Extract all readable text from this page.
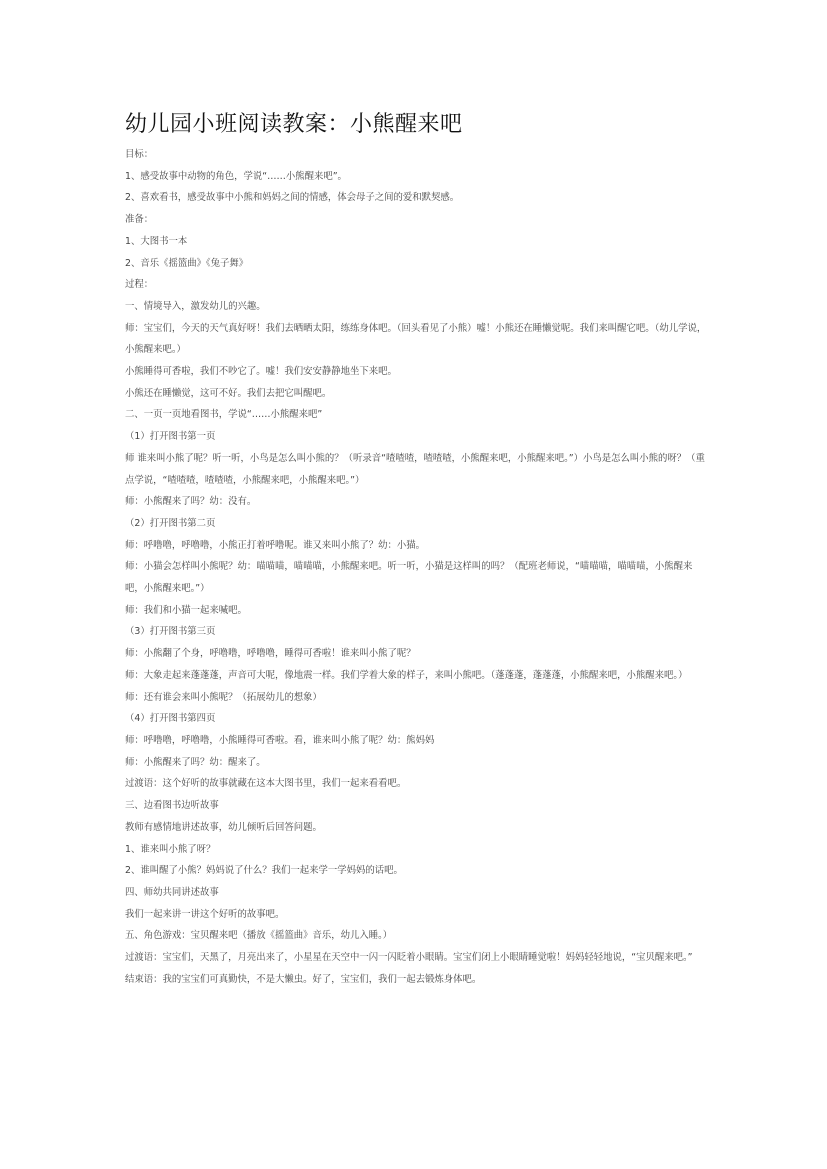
幼儿园小班阅读教案：小熊醒来吧

目标：

1、感受故事中动物的角色，学说“……小熊醒来吧”。

2、喜欢看书，感受故事中小熊和妈妈之间的情感，体会母子之间的爱和默契感。

准备：

1、大图书一本

2、音乐《摇篮曲》《兔子舞》

过程：

一、情境导入，激发幼儿的兴趣。

师：宝宝们，今天的天气真好呀！我们去晒晒太阳，练练身体吧。（回头看见了小熊）嘘！小熊还在睡懒觉呢。我们来叫醒它吧。（幼儿学说，小熊醒来吧。）

小熊睡得可香啦，我们不吵它了。嘘！我们安安静静地坐下来吧。

小熊还在睡懒觉，这可不好。我们去把它叫醒吧。

二、一页一页地看图书，学说“……小熊醒来吧”

（1）打开图书第一页

师 谁来叫小熊了呢？听一听，小鸟是怎么叫小熊的？（听录音“喳喳喳，喳喳喳，小熊醒来吧，小熊醒来吧。”）小鸟是怎么叫小熊的呀？（重点学说，“喳喳喳，喳喳喳，小熊醒来吧，小熊醒来吧。”）

师：小熊醒来了吗？幼：没有。

（2）打开图书第二页

师：呼噜噜，呼噜噜，小熊正打着呼噜呢。谁又来叫小熊了？幼：小猫。

师：小猫会怎样叫小熊呢？幼：喵喵喵，喵喵喵，小熊醒来吧。听一听，小猫是这样叫的吗？（配班老师说，“喵喵喵，喵喵喵，小熊醒来吧，小熊醒来吧。”）

师：我们和小猫一起来喊吧。

（3）打开图书第三页

师：小熊翻了个身，呼噜噜，呼噜噜，睡得可香啦！谁来叫小熊了呢？

师：大象走起来蓬蓬蓬，声音可大呢，像地震一样。我们学着大象的样子，来叫小熊吧。（蓬蓬蓬，蓬蓬蓬，小熊醒来吧，小熊醒来吧。）

师：还有谁会来叫小熊呢？（拓展幼儿的想象）

（4）打开图书第四页

师：呼噜噜，呼噜噜，小熊睡得可香啦。看，谁来叫小熊了呢？幼：熊妈妈

师：小熊醒来了吗？幼：醒来了。

过渡语：这个好听的故事就藏在这本大图书里，我们一起来看看吧。

三、边看图书边听故事

教师有感情地讲述故事，幼儿倾听后回答问题。

1、谁来叫小熊了呀？

2、谁叫醒了小熊？妈妈说了什么？我们一起来学一学妈妈的话吧。

四、师幼共同讲述故事

我们一起来讲一讲这个好听的故事吧。

五、角色游戏：宝贝醒来吧（播放《摇篮曲》音乐，幼儿入睡。）

过渡语：宝宝们，天黑了，月亮出来了，小星星在天空中一闪一闪眨着小眼睛。宝宝们闭上小眼睛睡觉啦！妈妈轻轻地说，“宝贝醒来吧。”

结束语：我的宝宝们可真勤快，不是大懒虫。好了，宝宝们，我们一起去锻炼身体吧。
